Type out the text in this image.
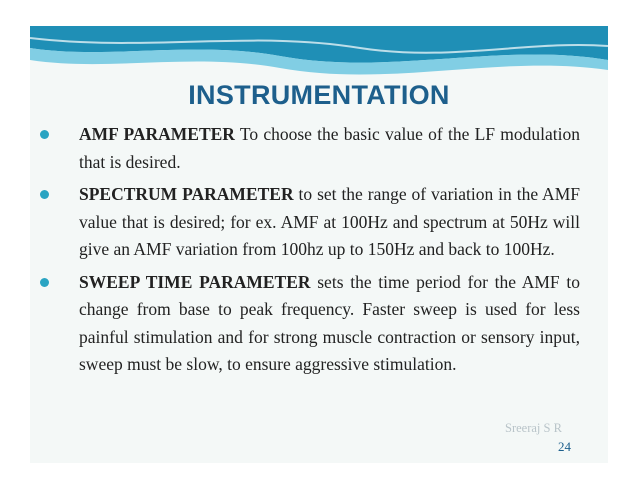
INSTRUMENTATION
AMF PARAMETER To choose the basic value of the LF modulation that is desired.
SPECTRUM PARAMETER to set the range of variation in the AMF value that is desired; for ex. AMF at 100Hz and spectrum at 50Hz will give an AMF variation from 100hz up to 150Hz and back to 100Hz.
SWEEP TIME PARAMETER sets the time period for the AMF to change from base to peak frequency. Faster sweep is used for less painful stimulation and for strong muscle contraction or sensory input, sweep must be slow, to ensure aggressive stimulation.
Sreeraj S R
24
